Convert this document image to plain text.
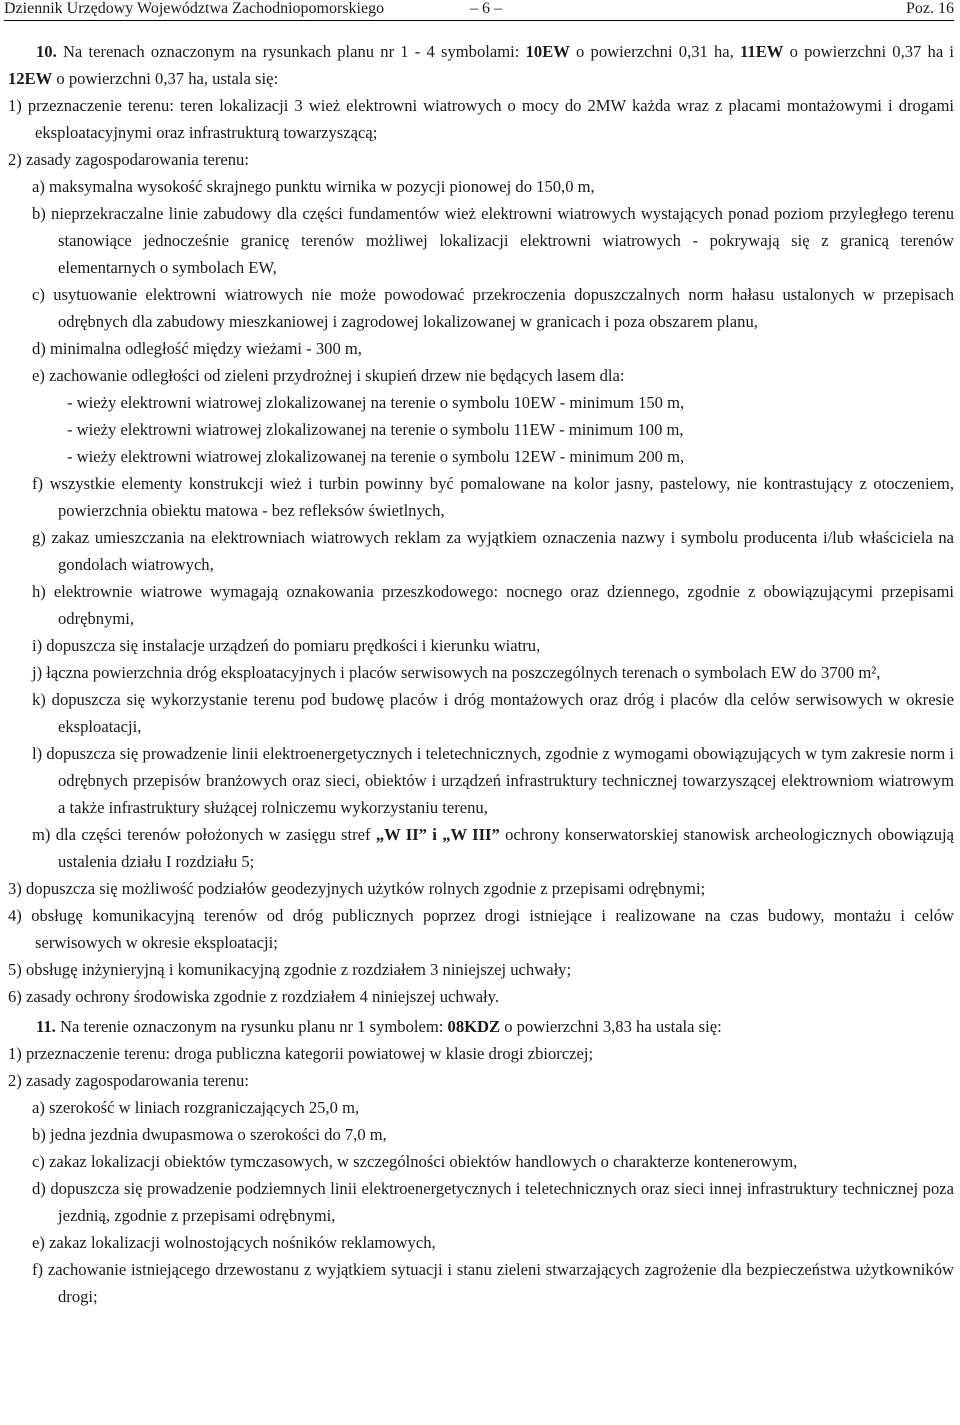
Dziennik Urzędowy Województwa Zachodniopomorskiego	– 6 –	Poz. 16

10. Na terenach oznaczonym na rysunkach planu nr 1 - 4 symbolami: 10EW o powierzchni 0,31 ha, 11EW o powierzchni 0,37 ha i 12EW o powierzchni 0,37 ha, ustala się:

1) przeznaczenie terenu: teren lokalizacji 3 wież elektrowni wiatrowych o mocy do 2MW każda wraz z placami montażowymi i drogami eksploatacyjnymi oraz infrastrukturą towarzyszącą;

2) zasady zagospodarowania terenu:

a) maksymalna wysokość skrajnego punktu wirnika w pozycji pionowej do 150,0 m,

b) nieprzekraczalne linie zabudowy dla części fundamentów wież elektrowni wiatrowych wystających ponad poziom przyległego terenu stanowiące jednocześnie granicę terenów możliwej lokalizacji elektrowni wiatrowych - pokrywają się z granicą terenów elementarnych o symbolach EW,

c) usytuowanie elektrowni wiatrowych nie może powodować przekroczenia dopuszczalnych norm hałasu ustalonych w przepisach odrębnych dla zabudowy mieszkaniowej i zagrodowej lokalizowanej w granicach i poza obszarem planu,

d) minimalna odległość między wieżami - 300 m,

e) zachowanie odległości od zieleni przydrożnej i skupień drzew nie będących lasem dla:

- wieży elektrowni wiatrowej zlokalizowanej na terenie o symbolu 10EW - minimum 150 m,

- wieży elektrowni wiatrowej zlokalizowanej na terenie o symbolu 11EW - minimum 100 m,

- wieży elektrowni wiatrowej zlokalizowanej na terenie o symbolu 12EW - minimum 200 m,

f) wszystkie elementy konstrukcji wież i turbin powinny być pomalowane na kolor jasny, pastelowy, nie kontrastujący z otoczeniem, powierzchnia obiektu matowa - bez refleksów świetlnych,

g) zakaz umieszczania na elektrowniach wiatrowych reklam za wyjątkiem oznaczenia nazwy i symbolu producenta i/lub właściciela na gondolach wiatrowych,

h) elektrownie wiatrowe wymagają oznakowania przeszkodowego: nocnego oraz dziennego, zgodnie z obowiązującymi przepisami odrębnymi,

i) dopuszcza się instalacje urządzeń do pomiaru prędkości i kierunku wiatru,

j) łączna powierzchnia dróg eksploatacyjnych i placów serwisowych na poszczególnych terenach o symbolach EW do 3700 m²,

k) dopuszcza się wykorzystanie terenu pod budowę placów i dróg montażowych oraz dróg i placów dla celów serwisowych w okresie eksploatacji,

l) dopuszcza się prowadzenie linii elektroenergetycznych i teletechnicznych, zgodnie z wymogami obowiązujących w tym zakresie norm i odrębnych przepisów branżowych oraz sieci, obiektów i urządzeń infrastruktury technicznej towarzyszącej elektrowniom wiatrowym a także infrastruktury służącej rolniczemu wykorzystaniu terenu,

m) dla części terenów położonych w zasięgu stref „W II” i „W III” ochrony konserwatorskiej stanowisk archeologicznych obowiązują ustalenia działu I rozdziału 5;

3) dopuszcza się możliwość podziałów geodezyjnych użytków rolnych zgodnie z przepisami odrębnymi;

4) obsługę komunikacyjną terenów od dróg publicznych poprzez drogi istniejące i realizowane na czas budowy, montażu i celów serwisowych w okresie eksploatacji;

5) obsługę inżynieryjną i komunikacyjną zgodnie z rozdziałem 3 niniejszej uchwały;

6) zasady ochrony środowiska zgodnie z rozdziałem 4 niniejszej uchwały.

11. Na terenie oznaczonym na rysunku planu nr 1 symbolem: 08KDZ o powierzchni 3,83 ha ustala się:

1) przeznaczenie terenu: droga publiczna kategorii powiatowej w klasie drogi zbiorczej;

2) zasady zagospodarowania terenu:

a) szerokość w liniach rozgraniczających 25,0 m,

b) jedna jezdnia dwupasmowa o szerokości do 7,0 m,

c) zakaz lokalizacji obiektów tymczasowych, w szczególności obiektów handlowych o charakterze kontenerowym,

d) dopuszcza się prowadzenie podziemnych linii elektroenergetycznych i teletechnicznych oraz sieci innej infrastruktury technicznej poza jezdnią, zgodnie z przepisami odrębnymi,

e) zakaz lokalizacji wolnostojących nośników reklamowych,

f) zachowanie istniejącego drzewostanu z wyjątkiem sytuacji i stanu zieleni stwarzających zagrożenie dla bezpieczeństwa użytkowników drogi;
